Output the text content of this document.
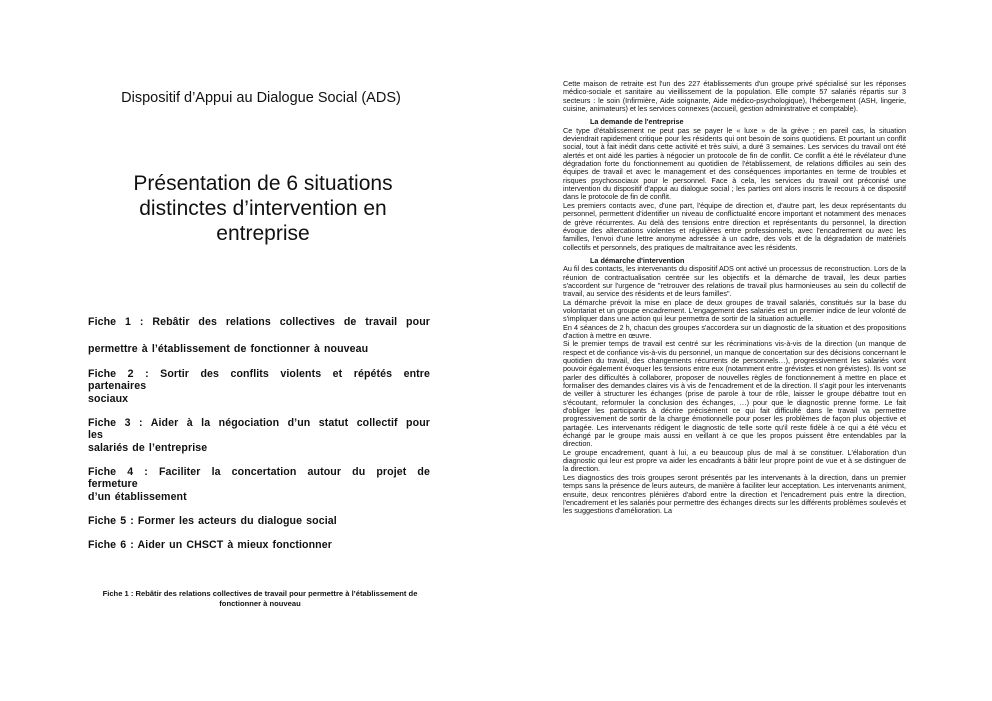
Dispositif d’Appui au Dialogue Social (ADS)
Présentation de 6 situations distinctes d’intervention en entreprise
Fiche 1 : Rebâtir des relations collectives de travail pour
permettre à l’établissement de fonctionner à nouveau
Fiche 2 : Sortir des conflits violents et répétés entre partenaires
sociaux
Fiche 3 : Aider à la négociation d’un statut collectif pour les
salariés de l’entreprise
Fiche 4 : Faciliter la concertation autour du projet de fermeture
d’un établissement
Fiche 5 : Former les acteurs du dialogue social
Fiche 6 : Aider un CHSCT à mieux fonctionner
Fiche 1 : Rebâtir des relations collectives de travail pour permettre à l’établissement de fonctionner à nouveau

Cette maison de retraite est l'un des 227 établissements d'un groupe privé spécialisé sur les réponses médico-sociale et sanitaire au vieillissement de la population. Elle compte 57 salariés répartis sur 3 secteurs : le soin (Infirmière, Aide soignante, Aide médico-psychologique), l'hébergement (ASH, lingerie, cuisine, animateurs) et les services connexes (accueil, gestion administrative et comptable).

La demande de l'entreprise

Ce type d'établissement ne peut pas se payer le « luxe » de la grève ; en pareil cas, la situation deviendrait rapidement critique pour les résidents qui ont besoin de soins quotidiens. Et pourtant un conflit social, tout à fait inédit dans cette activité et très suivi, a duré 3 semaines. Les services du travail ont été alertés et ont aidé les parties à négocier un protocole de fin de conflit. Ce conflit a été le révélateur d'une dégradation forte du fonctionnement au quotidien de l'établissement, de relations difficiles au sein des équipes de travail et avec le management et des conséquences importantes en terme de troubles et risques psychosociaux pour le personnel. Face à cela, les services du travail ont préconisé une intervention du dispositif d'appui au dialogue social ; les parties ont alors inscris le recours à ce dispositif dans le protocole de fin de conflit.

Les premiers contacts avec, d'une part, l'équipe de direction et, d'autre part, les deux représentants du personnel, permettent d'identifier un niveau de conflictualité encore important et notamment des menaces de grève récurrentes. Au delà des tensions entre direction et représentants du personnel, la direction évoque des altercations violentes et régulières entre professionnels, avec l'encadrement ou avec les familles, l'envoi d'une lettre anonyme adressée à un cadre, des vols et de la dégradation de matériels collectifs et personnels, des pratiques de maltraitance avec les résidents.

La démarche d'intervention

Au fil des contacts, les intervenants du dispositif ADS ont activé un processus de reconstruction. Lors de la réunion de contractualisation centrée sur les objectifs et la démarche de travail, les deux parties s'accordent sur l'urgence de "retrouver des relations de travail plus harmonieuses au sein du collectif de travail, au service des résidents et de leurs familles".

La démarche prévoit la mise en place de deux groupes de travail salariés, constitués sur la base du volontariat et un groupe encadrement. L'engagement des salariés est un premier indice de leur volonté de s'impliquer dans une action qui leur permettra de sortir de la situation actuelle.

En 4 séances de 2 h, chacun des groupes s'accordera sur un diagnostic de la situation et des propositions d'action à mettre en œuvre.

Si le premier temps de travail est centré sur les récriminations vis-à-vis de la direction (un manque de respect et de confiance vis-à-vis du personnel, un manque de concertation sur des décisions concernant le quotidien du travail, des changements récurrents de personnels…), progressivement les salariés vont pouvoir également évoquer les tensions entre eux (notamment entre grévistes et non grévistes). Ils vont se parler des difficultés à collaborer, proposer de nouvelles règles de fonctionnement à mettre en place et formaliser des demandes claires vis à vis de l'encadrement et de la direction. Il s'agit pour les intervenants de veiller à structurer les échanges (prise de parole à tour de rôle, laisser le groupe débattre tout en s'écoutant, reformuler la conclusion des échanges, …) pour que le diagnostic prenne forme. Le fait d'obliger les participants à décrire précisément ce qui fait difficulté dans le travail va permettre progressivement de sortir de la charge émotionnelle pour poser les problèmes de façon plus objective et partagée. Les intervenants rédigent le diagnostic de telle sorte qu'il reste fidèle à ce qui a été vécu et échangé par le groupe mais aussi en veillant à ce que les propos puissent être entendables par la direction.

Le groupe encadrement, quant à lui, a eu beaucoup plus de mal à se constituer. L'élaboration d'un diagnostic qui leur est propre va aider les encadrants à bâtir leur propre point de vue et à se distinguer de la direction.

Les diagnostics des trois groupes seront présentés par les intervenants à la direction, dans un premier temps sans la présence de leurs auteurs, de manière à faciliter leur acceptation. Les intervenants animent, ensuite, deux rencontres plénières d'abord entre la direction et l'encadrement puis entre la direction, l'encadrement et les salariés pour permettre des échanges directs sur les différents problèmes soulevés et les suggestions d'amélioration. La
